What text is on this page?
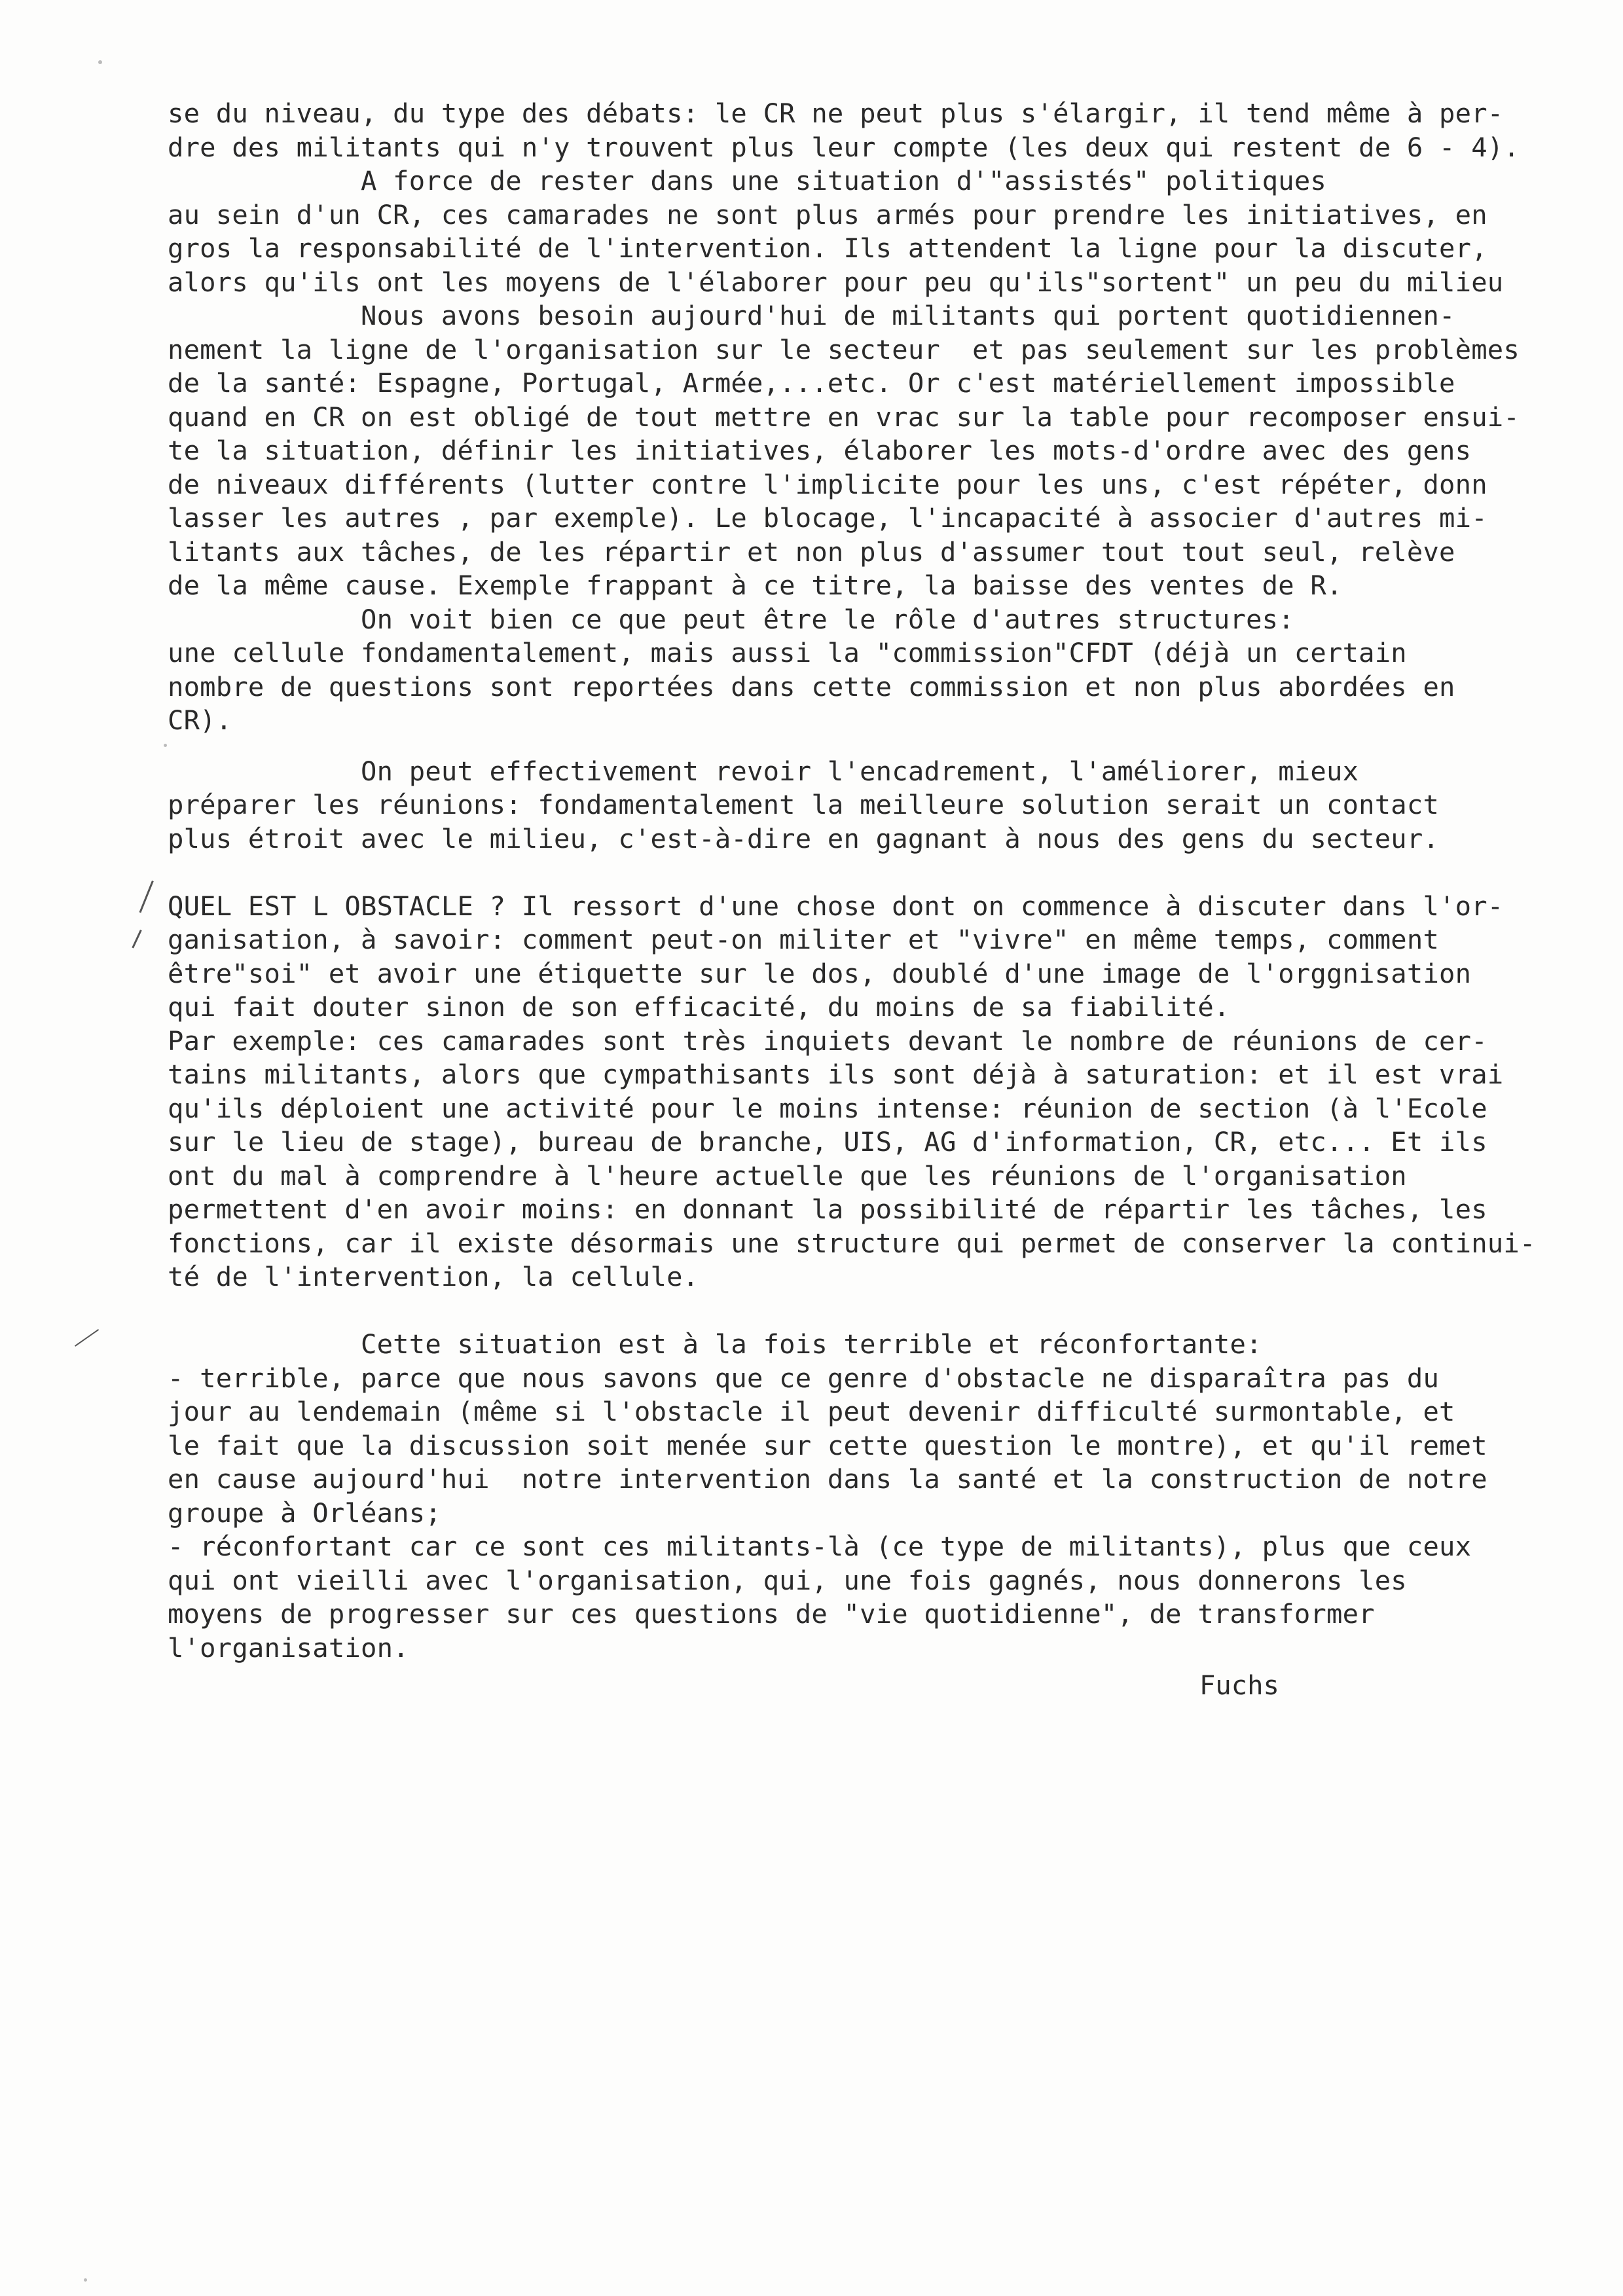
se du niveau, du type des débats: le CR ne peut plus s'élargir, il tend même à per-
dre des militants qui n'y trouvent plus leur compte (les deux qui restent de 6 - 4).
A force de rester dans une situation d'"assistés" politiques
au sein d'un CR, ces camarades ne sont plus armés pour prendre les initiatives, en
gros la responsabilité de l'intervention. Ils attendent la ligne pour la discuter,
alors qu'ils ont les moyens de l'élaborer pour peu qu'ils"sortent" un peu du milieu
Nous avons besoin aujourd'hui de militants qui portent quotidiennen-
nement la ligne de l'organisation sur le secteur  et pas seulement sur les problèmes
de la santé: Espagne, Portugal, Armée,...etc. Or c'est matériellement impossible
quand en CR on est obligé de tout mettre en vrac sur la table pour recomposer ensui-
te la situation, définir les initiatives, élaborer les mots-d'ordre avec des gens
de niveaux différents (lutter contre l'implicite pour les uns, c'est répéter, donn
lasser les autres , par exemple). Le blocage, l'incapacité à associer d'autres mi-
litants aux tâches, de les répartir et non plus d'assumer tout tout seul, relève
de la même cause. Exemple frappant à ce titre, la baisse des ventes de R.
On voit bien ce que peut être le rôle d'autres structures:
une cellule fondamentalement, mais aussi la "commission"CFDT (déjà un certain
nombre de questions sont reportées dans cette commission et non plus abordées en
CR).
On peut effectivement revoir l'encadrement, l'améliorer, mieux
préparer les réunions: fondamentalement la meilleure solution serait un contact
plus étroit avec le milieu, c'est-à-dire en gagnant à nous des gens du secteur.
QUEL EST L OBSTACLE ? Il ressort d'une chose dont on commence à discuter dans l'or-
ganisation, à savoir: comment peut-on militer et "vivre" en même temps, comment
être"soi" et avoir une étiquette sur le dos, doublé d'une image de l'orggnisation
qui fait douter sinon de son efficacité, du moins de sa fiabilité.
Par exemple: ces camarades sont très inquiets devant le nombre de réunions de cer-
tains militants, alors que cympathisants ils sont déjà à saturation: et il est vrai
qu'ils déploient une activité pour le moins intense: réunion de section (à l'Ecole
sur le lieu de stage), bureau de branche, UIS, AG d'information, CR, etc... Et ils
ont du mal à comprendre à l'heure actuelle que les réunions de l'organisation
permettent d'en avoir moins: en donnant la possibilité de répartir les tâches, les
fonctions, car il existe désormais une structure qui permet de conserver la continui-
té de l'intervention, la cellule.
Cette situation est à la fois terrible et réconfortante:
- terrible, parce que nous savons que ce genre d'obstacle ne disparaîtra pas du
jour au lendemain (même si l'obstacle il peut devenir difficulté surmontable, et
le fait que la discussion soit menée sur cette question le montre), et qu'il remet
en cause aujourd'hui  notre intervention dans la santé et la construction de notre
groupe à Orléans;
- réconfortant car ce sont ces militants-là (ce type de militants), plus que ceux
qui ont vieilli avec l'organisation, qui, une fois gagnés, nous donnerons les
moyens de progresser sur ces questions de "vie quotidienne", de transformer
l'organisation.
Fuchs
